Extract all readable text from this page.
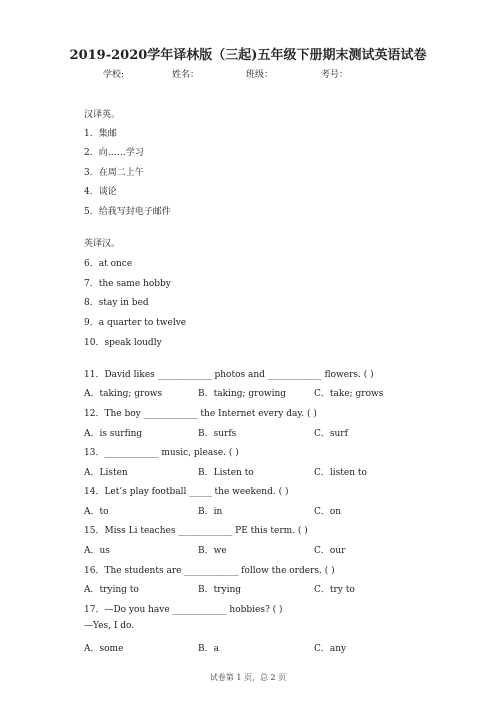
2019-2020学年译林版（三起)五年级下册期末测试英语试卷
学校:	姓名：	班级：	考号：
汉译英。
1．集邮
2．向……学习
3．在周二上午
4．谈论
5．给我写封电子邮件
英译汉。
6．at once
7．the same hobby
8．stay in bed
9．a quarter to twelve
10．speak loudly
11．David likes ____________ photos and ____________ flowers. ( )
A．taking; grows	B．taking; growing	C．take; grows
12．The boy ____________ the Internet every day. ( )
A．is surfing	B．surfs	C．surf
13．____________ music, please. ( )
A．Listen	B．Listen to	C．listen to
14．Let’s play football _____ the weekend. ( )
A．to	B．in	C．on
15．Miss Li teaches ____________ PE this term. ( )
A．us	B．we	C．our
16．The students are ____________ follow the orders. ( )
A．trying to	B．trying	C．try to
17．—Do you have ____________ hobbies? ( )
—Yes, I do.
A．some	B．a	C．any
试卷第 1 页，总 2 页
